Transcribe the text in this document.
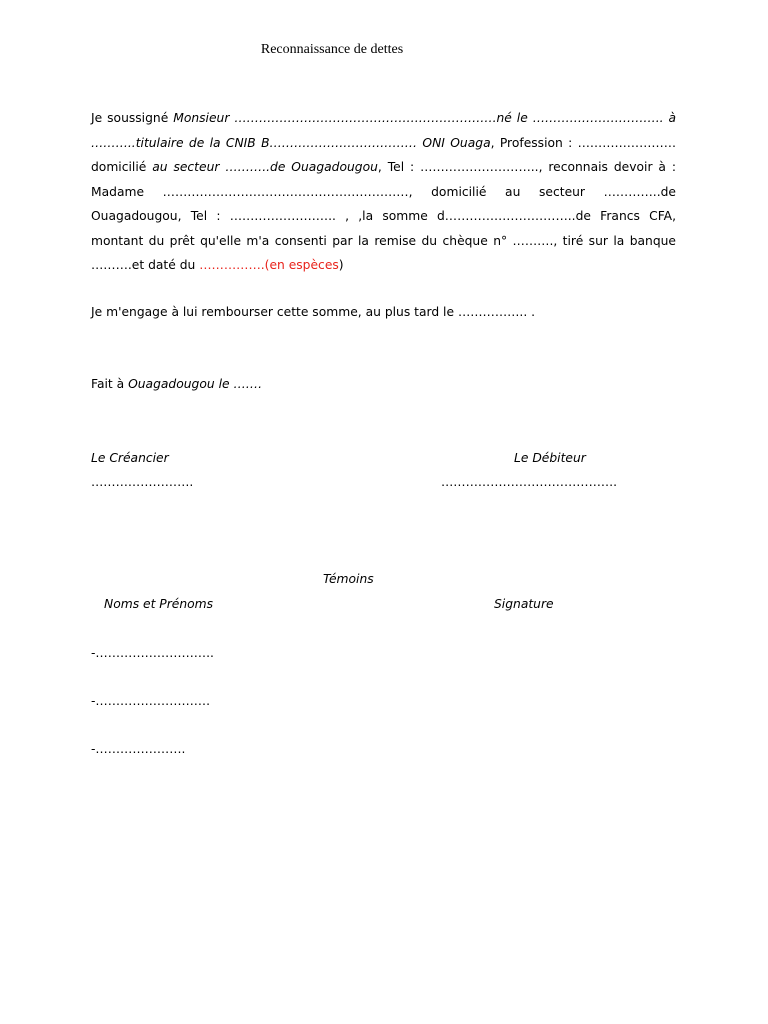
Reconnaissance de dettes
Je soussigné Monsieur ……………………………………………………….né le ………………………….. à
………..titulaire de la CNIB B……………………………… ONI Ouaga, Profession : ……………………
domicilié au secteur ………..de Ouagadougou, Tel : ……………………….., reconnais devoir à :
Madame ……………………………………………………, domicilié au secteur …………..de
Ouagadougou, Tel : …………………….. , ,la somme d…………………………..de Francs CFA,
montant du prêt qu'elle m'a consenti par la remise du chèque n° ………., tiré sur la banque
……….et daté du …………….(en espèces)
Je m'engage à lui rembourser cette somme, au plus tard le …………….. .
Fait à Ouagadougou le …….
Le Créancier
…………………….
Le Débiteur
…………………………………….
Témoins
Noms et Prénoms	Signature
-………………………..
-……………………….
-………………….
